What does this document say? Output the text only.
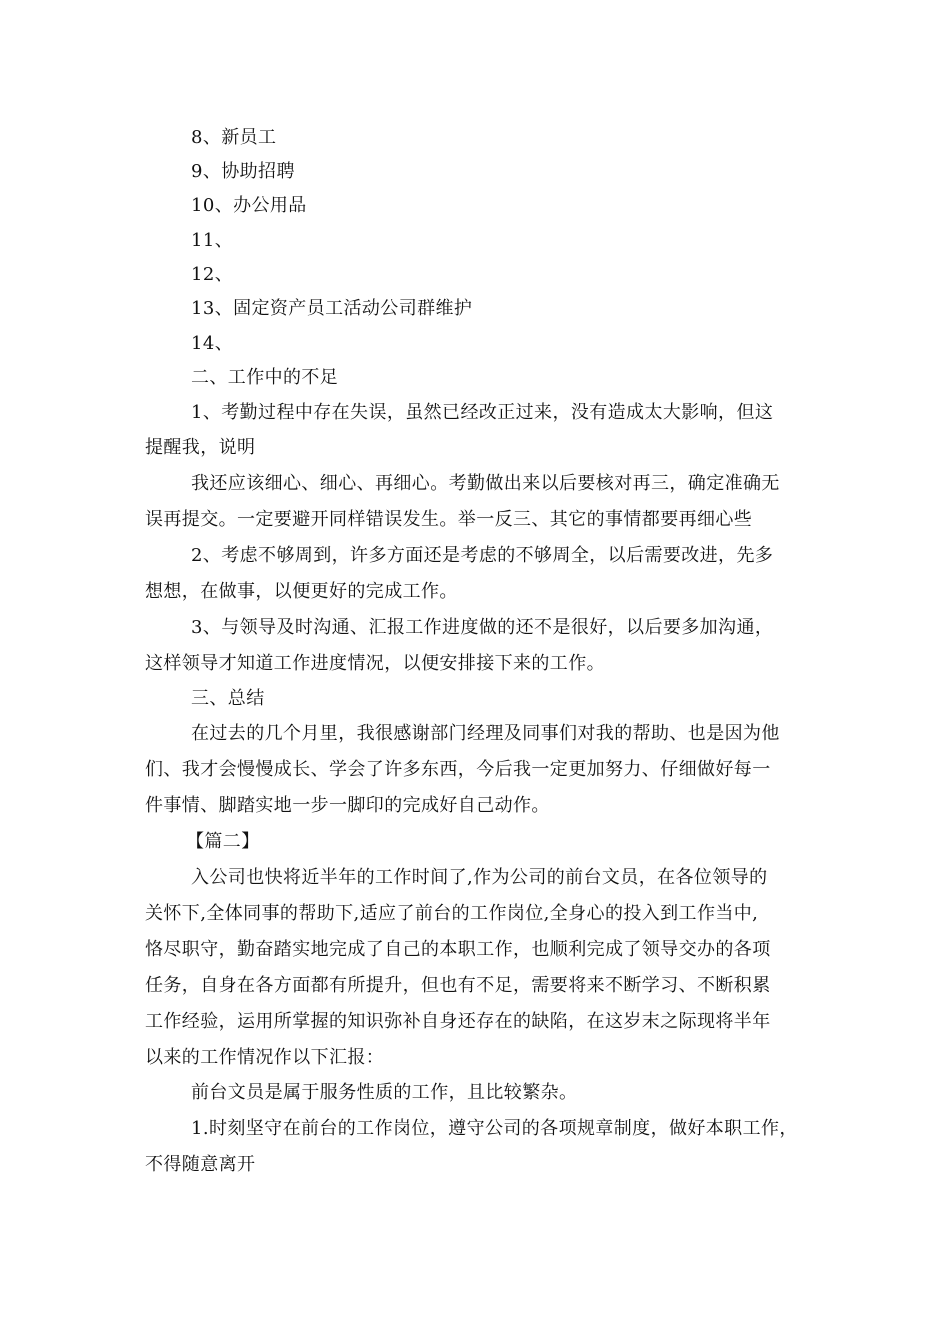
8、新员工
9、协助招聘
10、办公用品
11、
12、
13、固定资产员工活动公司群维护
14、
二、工作中的不足
1、考勤过程中存在失误，虽然已经改正过来，没有造成太大影响，但这
提醒我，说明
我还应该细心、细心、再细心。考勤做出来以后要核对再三，确定准确无
误再提交。一定要避开同样错误发生。举一反三、其它的事情都要再细心些
2、考虑不够周到，许多方面还是考虑的不够周全，以后需要改进，先多
想想，在做事，以便更好的完成工作。
3、与领导及时沟通、汇报工作进度做的还不是很好，以后要多加沟通，
这样领导才知道工作进度情况，以便安排接下来的工作。
三、总结
在过去的几个月里，我很感谢部门经理及同事们对我的帮助、也是因为他
们、我才会慢慢成长、学会了许多东西，今后我一定更加努力、仔细做好每一
件事情、脚踏实地一步一脚印的完成好自己动作。
【篇二】
入公司也快将近半年的工作时间了,作为公司的前台文员，在各位领导的
关怀下,全体同事的帮助下,适应了前台的工作岗位,全身心的投入到工作当中,
恪尽职守，勤奋踏实地完成了自己的本职工作，也顺利完成了领导交办的各项
任务，自身在各方面都有所提升，但也有不足，需要将来不断学习、不断积累
工作经验，运用所掌握的知识弥补自身还存在的缺陷，在这岁末之际现将半年
以来的工作情况作以下汇报：
前台文员是属于服务性质的工作，且比较繁杂。
1.时刻坚守在前台的工作岗位，遵守公司的各项规章制度，做好本职工作，
不得随意离开
